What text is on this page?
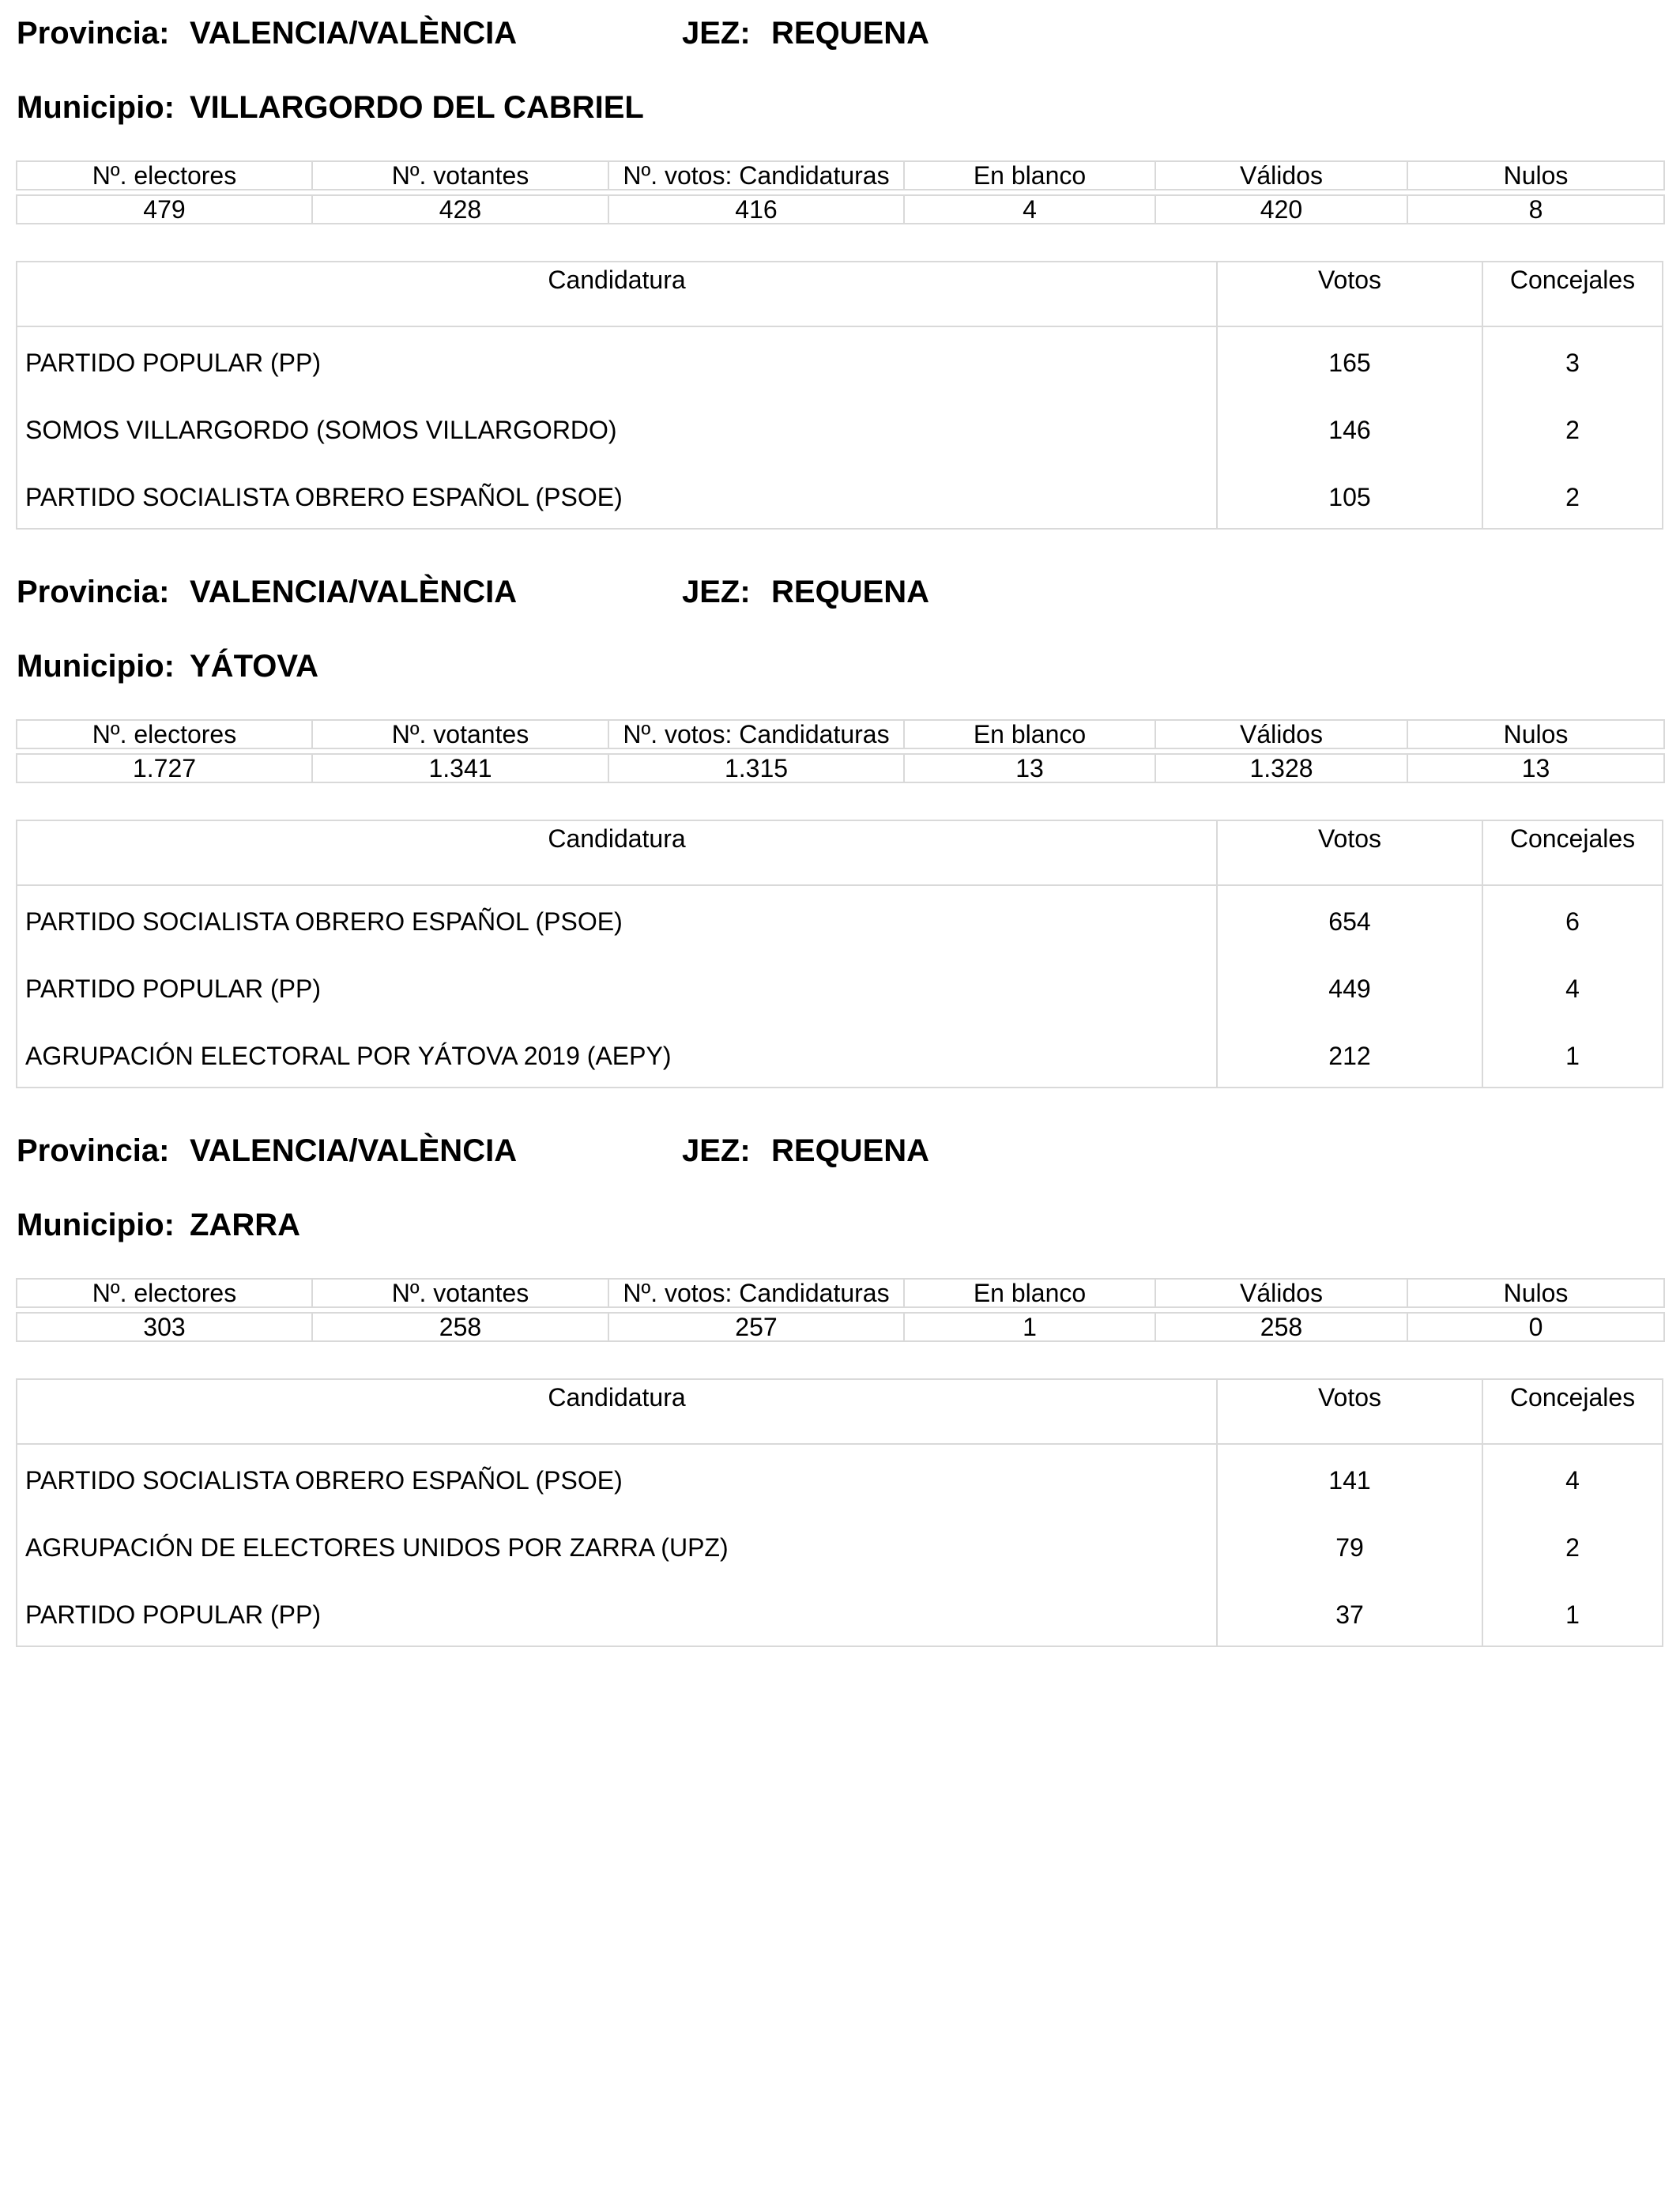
Provincia: VALENCIA/VALÈNCIA	JEZ: REQUENA
Municipio: VILLARGORDO DEL CABRIEL
Nº. electores	Nº. votantes	Nº. votos: Candidaturas	En blanco	Válidos	Nulos

479	428	416	4	420	8
Candidatura	Votos	Concejales
PARTIDO POPULAR (PP)	165	3
SOMOS VILLARGORDO (SOMOS VILLARGORDO)	146	2
PARTIDO SOCIALISTA OBRERO ESPAÑOL (PSOE)	105	2
Provincia: VALENCIA/VALÈNCIA	JEZ: REQUENA
Municipio: YÁTOVA
Nº. electores	Nº. votantes	Nº. votos: Candidaturas	En blanco	Válidos	Nulos

1.727	1.341	1.315	13	1.328	13
Candidatura	Votos	Concejales
PARTIDO SOCIALISTA OBRERO ESPAÑOL (PSOE)	654	6
PARTIDO POPULAR (PP)	449	4
AGRUPACIÓN ELECTORAL POR YÁTOVA 2019 (AEPY)	212	1
Provincia: VALENCIA/VALÈNCIA	JEZ: REQUENA
Municipio: ZARRA
Nº. electores	Nº. votantes	Nº. votos: Candidaturas	En blanco	Válidos	Nulos

303	258	257	1	258	0
Candidatura	Votos	Concejales
PARTIDO SOCIALISTA OBRERO ESPAÑOL (PSOE)	141	4
AGRUPACIÓN DE ELECTORES UNIDOS POR ZARRA (UPZ)	79	2
PARTIDO POPULAR (PP)	37	1
